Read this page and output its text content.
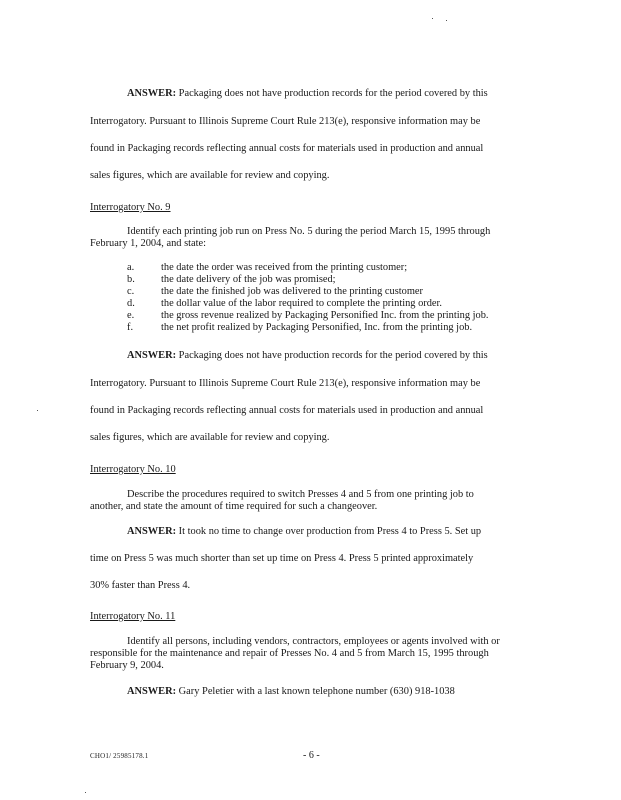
ANSWER: Packaging does not have production records for the period covered by this
Interrogatory. Pursuant to Illinois Supreme Court Rule 213(e), responsive information may be
found in Packaging records reflecting annual costs for materials used in production and annual
sales figures, which are available for review and copying.
Interrogatory No. 9
Identify each printing job run on Press No. 5 during the period March 15, 1995 through
February 1, 2004, and state:
a.	the date the order was received from the printing customer;
b.	the date delivery of the job was promised;
c.	the date the finished job was delivered to the printing customer
d.	the dollar value of the labor required to complete the printing order.
e.	the gross revenue realized by Packaging Personified Inc. from the printing job.
f.	the net profit realized by Packaging Personified, Inc. from the printing job.
ANSWER: Packaging does not have production records for the period covered by this
Interrogatory. Pursuant to Illinois Supreme Court Rule 213(e), responsive information may be
found in Packaging records reflecting annual costs for materials used in production and annual
sales figures, which are available for review and copying.
Interrogatory No. 10
Describe the procedures required to switch Presses 4 and 5 from one printing job to
another, and state the amount of time required for such a changeover.
ANSWER: It took no time to change over production from Press 4 to Press 5. Set up
time on Press 5 was much shorter than set up time on Press 4. Press 5 printed approximately
30% faster than Press 4.
Interrogatory No. 11
Identify all persons, including vendors, contractors, employees or agents involved with or
responsible for the maintenance and repair of Presses No. 4 and 5 from March 15, 1995 through
February 9, 2004.
ANSWER: Gary Peletier with a last known telephone number (630) 918-1038
CHO1/ 25985178.1	- 6 -
